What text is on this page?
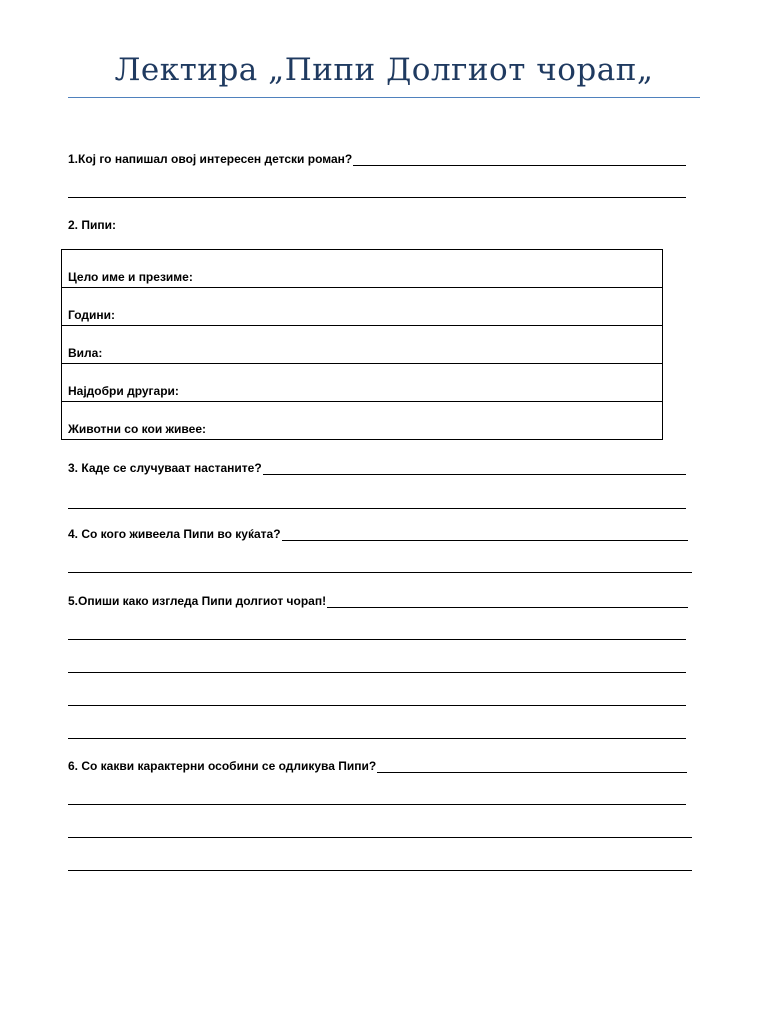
Лектира „Пипи Долгиот чорап„
1.Кој го напишал овој интересен детски роман?
2. Пипи:
Цело име и презиме:
Години:
Вила:
Најдобри другари:
Животни со кои живее:
3. Каде се случуваат настаните?
4. Со кого живеела Пипи во куќата?
5.Опиши како изгледа Пипи долгиот чорап!
6. Со какви карактерни особини се одликува Пипи?
